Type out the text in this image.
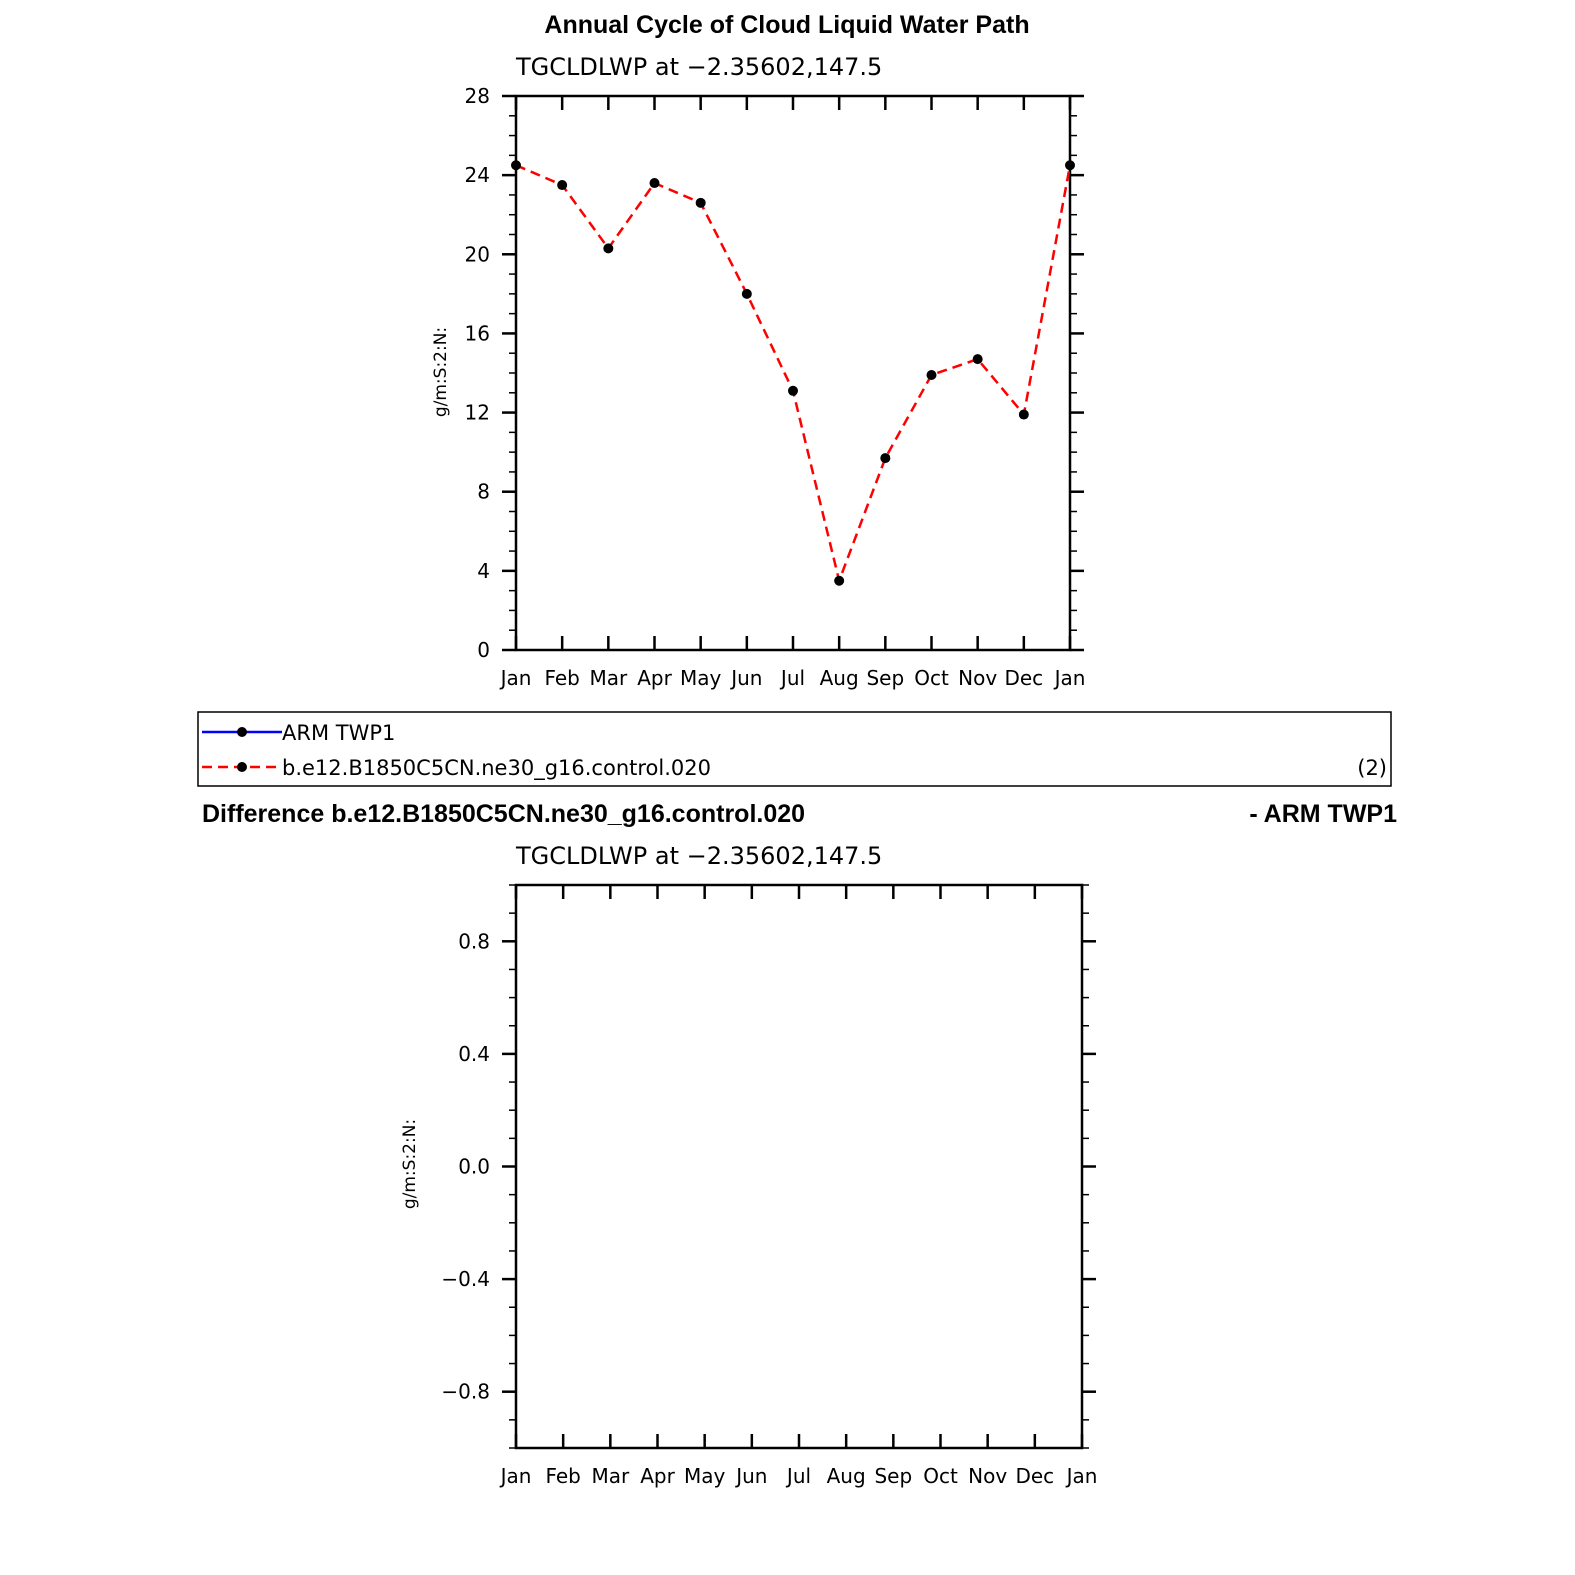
Annual Cycle of Cloud Liquid Water Path
TGCLDLWP at −2.35602,147.5
g/m:S:2:N:
Jan Feb Mar Apr May Jun Jul Aug Sep Oct Nov Dec Jan
0
4
8
12
16
20
24
28
ARM TWP1
b.e12.B1850C5CN.ne30_g16.control.020	(2)
Difference b.e12.B1850C5CN.ne30_g16.control.020	- ARM TWP1
TGCLDLWP at −2.35602,147.5
g/m:S:2:N:
Jan Feb Mar Apr May Jun Jul Aug Sep Oct Nov Dec Jan
−0.8
−0.4
0.0
0.4
0.8
